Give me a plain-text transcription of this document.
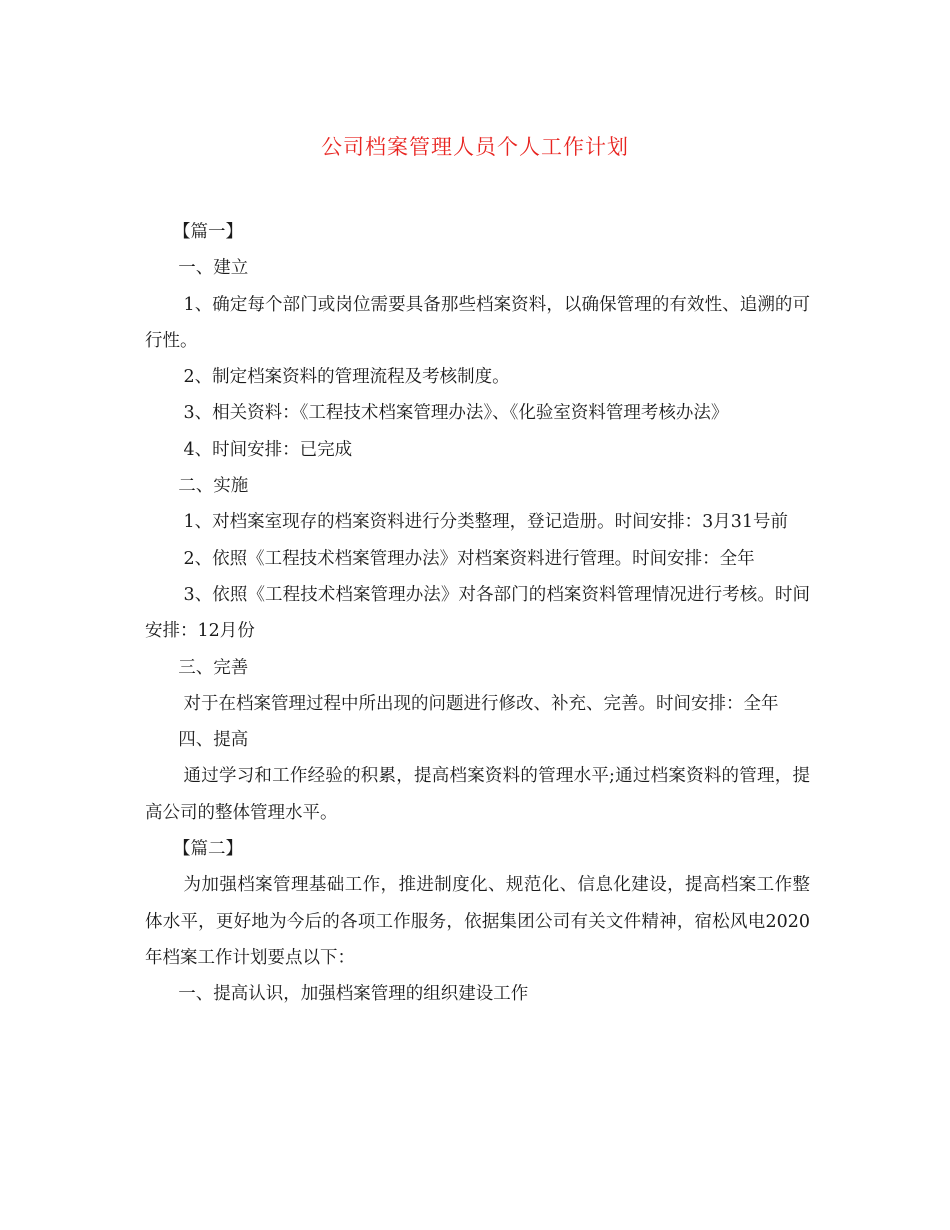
公司档案管理人员个人工作计划

【篇一】

一、建立

1、确定每个部门或岗位需要具备那些档案资料，以确保管理的有效性、追溯的可行性。

2、制定档案资料的管理流程及考核制度。

3、相关资料：《工程技术档案管理办法》、《化验室资料管理考核办法》

4、时间安排：已完成

二、实施

1、对档案室现存的档案资料进行分类整理，登记造册。时间安排：3月31号前

2、依照《工程技术档案管理办法》对档案资料进行管理。时间安排：全年

3、依照《工程技术档案管理办法》对各部门的档案资料管理情况进行考核。时间安排：12月份

三、完善

对于在档案管理过程中所出现的问题进行修改、补充、完善。时间安排：全年

四、提高

通过学习和工作经验的积累，提高档案资料的管理水平;通过档案资料的管理，提高公司的整体管理水平。

【篇二】

为加强档案管理基础工作，推进制度化、规范化、信息化建设，提高档案工作整体水平，更好地为今后的各项工作服务，依据集团公司有关文件精神，宿松风电2020年档案工作计划要点以下：

一、提高认识，加强档案管理的组织建设工作
